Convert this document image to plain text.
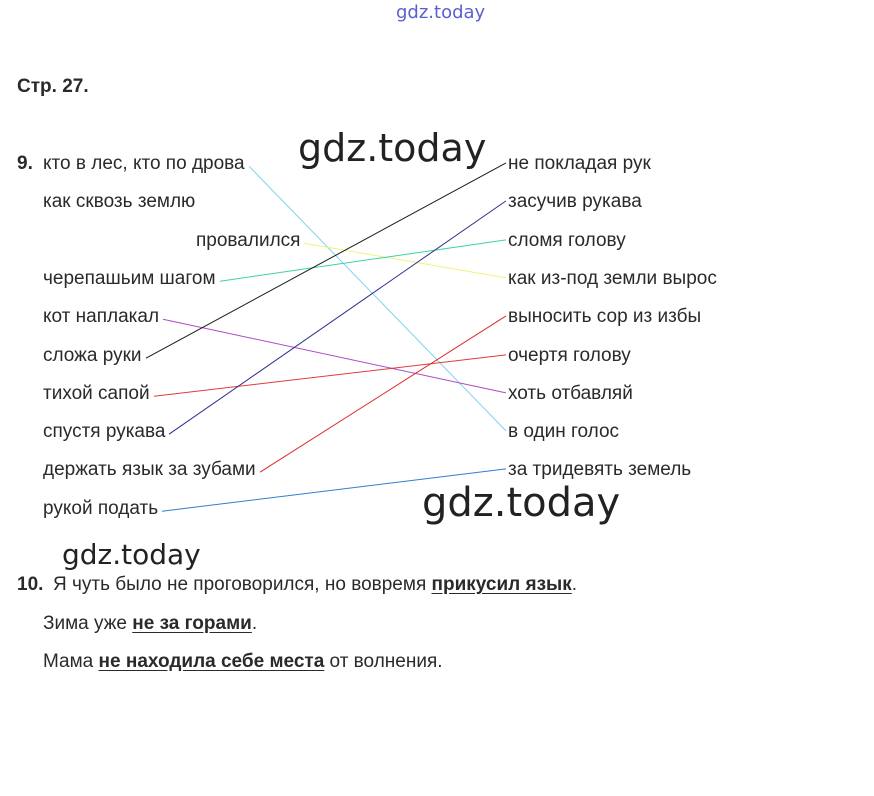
gdz.today
Стр. 27.
9. кто в лес, кто по дрова
как сквозь землю
провалился
черепашьим шагом
кот наплакал
сложа руки
тихой сапой
спустя рукава
держать язык за зубами
рукой подать
не покладая рук
засучив рукава
сломя голову
как из-под земли вырос
выносить сор из избы
очертя голову
хоть отбавляй
в один голос
за тридевять земель
gdz.today
gdz.today
gdz.today
10. Я чуть было не проговорился, но вовремя прикусил язык.
Зима уже не за горами.
Мама не находила себе места от волнения.
